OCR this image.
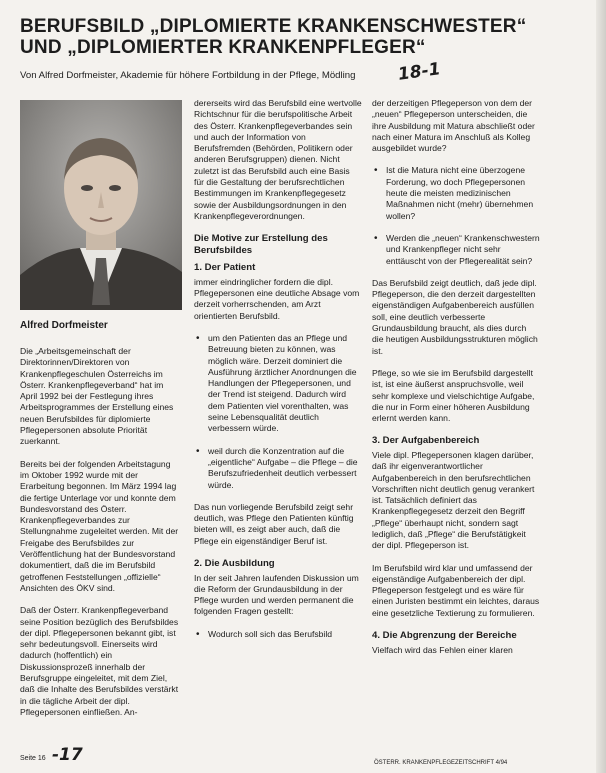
BERUFSBILD „DIPLOMIERTE KRANKENSCHWESTER“
UND „DIPLOMIERTER KRANKENPFLEGER“
Von Alfred Dorfmeister, Akademie für höhere Fortbildung in der Pflege, Mödling	18-1
Alfred Dorfmeister

Die „Arbeitsgemeinschaft der Direktorinnen/Direktoren von Krankenpflegeschulen Österreichs im Österr. Krankenpflegeverband“ hat im April 1992 bei der Festlegung ihres Arbeitsprogrammes der Erstellung eines neuen Berufsbildes für diplomierte Pflegepersonen absolute Priorität zuerkannt.

Bereits bei der folgenden Arbeitstagung im Oktober 1992 wurde mit der Erarbeitung begonnen. Im März 1994 lag die fertige Unterlage vor und konnte dem Bundesvorstand des Österr. Krankenpflegeverbandes zur Stellungnahme zugeleitet werden. Mit der Freigabe des Berufsbildes zur Veröffentlichung hat der Bundesvorstand dokumentiert, daß die im Berufsbild getroffenen Feststellungen „offizielle“ Ansichten des ÖKV sind.

Daß der Österr. Krankenpflegeverband seine Position bezüglich des Berufsbildes der dipl. Pflegepersonen bekannt gibt, ist sehr bedeutungsvoll. Einerseits wird dadurch (hoffentlich) ein Diskussionsprozeß innerhalb der Berufsgruppe eingeleitet, mit dem Ziel, daß die Inhalte des Berufsbildes verstärkt in die tägliche Arbeit der dipl. Pflegepersonen einfließen. An-

dererseits wird das Berufsbild eine wertvolle Richtschnur für die berufspolitische Arbeit des Österr. Krankenpflegeverbandes sein und auch der Information von Berufsfremden (Behörden, Politikern oder anderen Berufsgruppen) dienen. Nicht zuletzt ist das Berufsbild auch eine Basis für die Gestaltung der berufsrechtlichen Bestimmungen im Krankenpflegegesetz sowie der Ausbildungsordnungen in den Krankenpflegeverordnungen.

Die Motive zur Erstellung des Berufsbildes
1. Der Patient

immer eindringlicher fordern die dipl. Pflegepersonen eine deutliche Absage vom derzeit vorherrschenden, am Arzt orientierten Berufsbild.

• um den Patienten das an Pflege und Betreuung bieten zu können, was möglich wäre. Derzeit dominiert die Ausführung ärztlicher Anordnungen die Handlungen der Pflegepersonen, und der Trend ist steigend. Dadurch wird dem Patienten viel vorenthalten, was seine Lebensqualität deutlich verbessern würde.
• weil durch die Konzentration auf die „eigentliche“ Aufgabe – die Pflege – die Berufszufriedenheit deutlich verbessert würde.

Das nun vorliegende Berufsbild zeigt sehr deutlich, was Pflege den Patienten künftig bieten will, es zeigt aber auch, daß die Pflege ein eigenständiger Beruf ist.

2. Die Ausbildung

In der seit Jahren laufenden Diskussion um die Reform der Grundausbildung in der Pflege wurden und werden permanent die folgenden Fragen gestellt:

• Wodurch soll sich das Berufsbild

der derzeitigen Pflegeperson von dem der „neuen“ Pflegeperson unterscheiden, die ihre Ausbildung mit Matura abschließt oder nach einer Matura im Anschluß als Kolleg ausgebildet wurde?

• Ist die Matura nicht eine überzogene Forderung, wo doch Pflegepersonen heute die meisten medizinischen Maßnahmen nicht (mehr) übernehmen wollen?
• Werden die „neuen“ Krankenschwestern und Krankenpfleger nicht sehr enttäuscht von der Pflegerealität sein?

Das Berufsbild zeigt deutlich, daß jede dipl. Pflegeperson, die den derzeit dargestellten eigenständigen Aufgabenbereich ausfüllen soll, eine deutlich verbesserte Grundausbildung braucht, als dies durch die heutigen Ausbildungsstrukturen möglich ist.

Pflege, so wie sie im Berufsbild dargestellt ist, ist eine äußerst anspruchsvolle, weil sehr komplexe und vielschichtige Aufgabe, die nur in Form einer höheren Ausbildung erlernt werden kann.

3. Der Aufgabenbereich

Viele dipl. Pflegepersonen klagen darüber, daß ihr eigenverantwortlicher Aufgabenbereich in den berufsrechtlichen Vorschriften nicht deutlich genug verankert ist. Tatsächlich definiert das Krankenpflegegesetz derzeit den Begriff „Pflege“ überhaupt nicht, sondern sagt lediglich, daß „Pflege“ die Berufstätigkeit der dipl. Pflegeperson ist.

Im Berufsbild wird klar und umfassend der eigenständige Aufgabenbereich der dipl. Pflegeperson festgelegt und es wäre für einen Juristen bestimmt ein leichtes, daraus eine gesetzliche Textierung zu formulieren.

4. Die Abgrenzung der Bereiche

Vielfach wird das Fehlen einer klaren

Seite 16 -17	ÖSTERR. KRANKENPFLEGEZEITSCHRIFT 4/94
